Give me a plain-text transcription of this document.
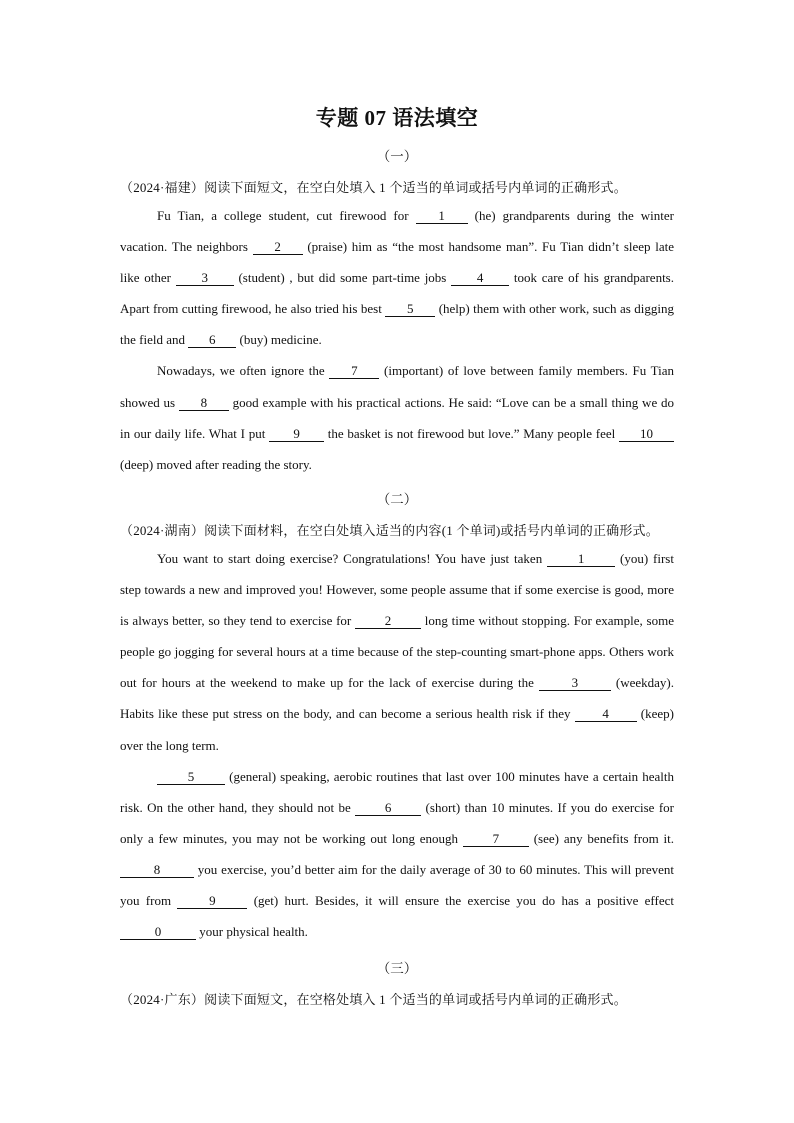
专题 07 语法填空
（一）
（2024·福建）阅读下面短文，在空白处填入 1 个适当的单词或括号内单词的正确形式。

Fu Tian, a college student, cut firewood for 1 (he) grandparents during the winter vacation. The neighbors 2 (praise) him as “the most handsome man”. Fu Tian didn’t sleep late like other 3 (student) , but did some part-time jobs 4 took care of his grandparents. Apart from cutting firewood, he also tried his best 5 (help) them with other work, such as digging the field and 6 (buy) medicine.

Nowadays, we often ignore the 7 (important) of love between family members. Fu Tian showed us 8 good example with his practical actions. He said: “Love can be a small thing we do in our daily life. What I put 9 the basket is not firewood but love.” Many people feel 10 (deep) moved after reading the story.

（二）
（2024·湖南）阅读下面材料，在空白处填入适当的内容(1 个单词)或括号内单词的正确形式。

You want to start doing exercise? Congratulations! You have just taken 1 (you) first step towards a new and improved you! However, some people assume that if some exercise is good, more is always better, so they tend to exercise for 2 long time without stopping. For example, some people go jogging for several hours at a time because of the step-counting smart-phone apps. Others work out for hours at the weekend to make up for the lack of exercise during the	3	(weekday). Habits like these put stress on the body, and can become a serious health risk if they 4 (keep) over the long term.

5 (general) speaking, aerobic routines that last over 100 minutes have a certain health risk. On the other hand, they should not be 6 (short) than 10 minutes. If you do exercise for only a few minutes, you may not be working out long enough 7 (see) any benefits from it. 8	you exercise, you’d better aim for the daily average of 30 to 60 minutes. This will prevent you from 9 (get) hurt. Besides, it will ensure the exercise you do has a positive effect 0	your physical health.

（三）
（2024·广东）阅读下面短文，在空格处填入 1 个适当的单词或括号内单词的正确形式。
